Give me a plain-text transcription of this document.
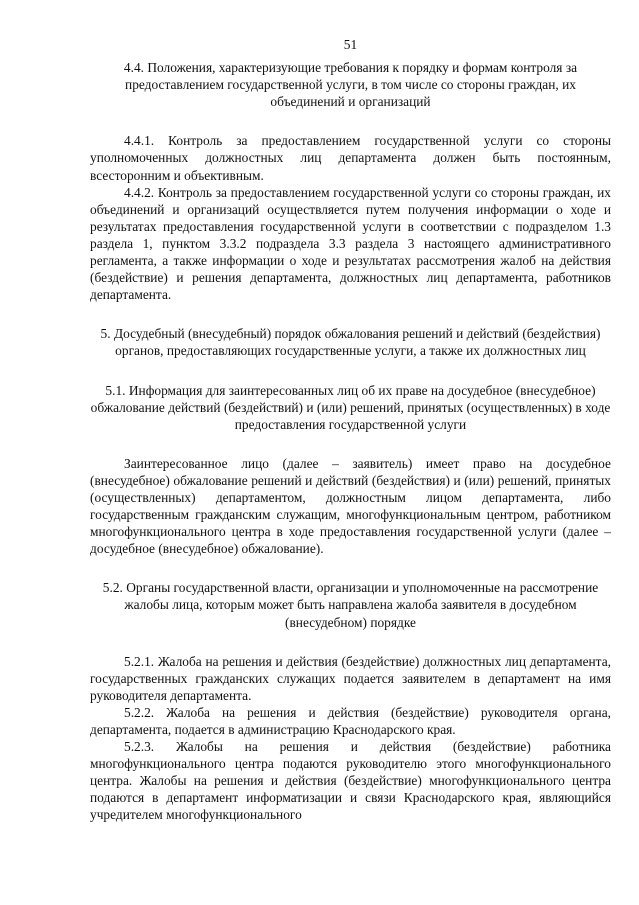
51

4.4. Положения, характеризующие требования к порядку и формам контроля за предоставлением государственной услуги, в том числе со стороны граждан, их объединений и организаций

4.4.1. Контроль за предоставлением государственной услуги со стороны уполномоченных должностных лиц департамента должен быть постоянным, всесторонним и объективным.

4.4.2. Контроль за предоставлением государственной услуги со стороны граждан, их объединений и организаций осуществляется путем получения информации о ходе и результатах предоставления государственной услуги в соответствии с подразделом 1.3 раздела 1, пунктом 3.3.2 подраздела 3.3 раздела 3 настоящего административного регламента, а также информации о ходе и результатах рассмотрения жалоб на действия (бездействие) и решения департамента, должностных лиц департамента, работников департамента.

5. Досудебный (внесудебный) порядок обжалования решений и действий (бездействия) органов, предоставляющих государственные услуги, а также их должностных лиц

5.1. Информация для заинтересованных лиц об их праве на досудебное (внесудебное) обжалование действий (бездействий) и (или) решений, принятых (осуществленных) в ходе предоставления государственной услуги

Заинтересованное лицо (далее – заявитель) имеет право на досудебное (внесудебное) обжалование решений и действий (бездействия) и (или) решений, принятых (осуществленных) департаментом, должностным лицом департамента, либо государственным гражданским служащим, многофункциональным центром, работником многофункционального центра в ходе предоставления государственной услуги (далее – досудебное (внесудебное) обжалование).

5.2. Органы государственной власти, организации и уполномоченные на рассмотрение жалобы лица, которым может быть направлена жалоба заявителя в досудебном (внесудебном) порядке

5.2.1. Жалоба на решения и действия (бездействие) должностных лиц департамента, государственных гражданских служащих подается заявителем в департамент на имя руководителя департамента.

5.2.2. Жалоба на решения и действия (бездействие) руководителя органа, департамента, подается в администрацию Краснодарского края.

5.2.3. Жалобы на решения и действия (бездействие) работника многофункционального центра подаются руководителю этого многофункционального центра. Жалобы на решения и действия (бездействие) многофункционального центра подаются в департамент информатизации и связи Краснодарского края, являющийся учредителем многофункционального
